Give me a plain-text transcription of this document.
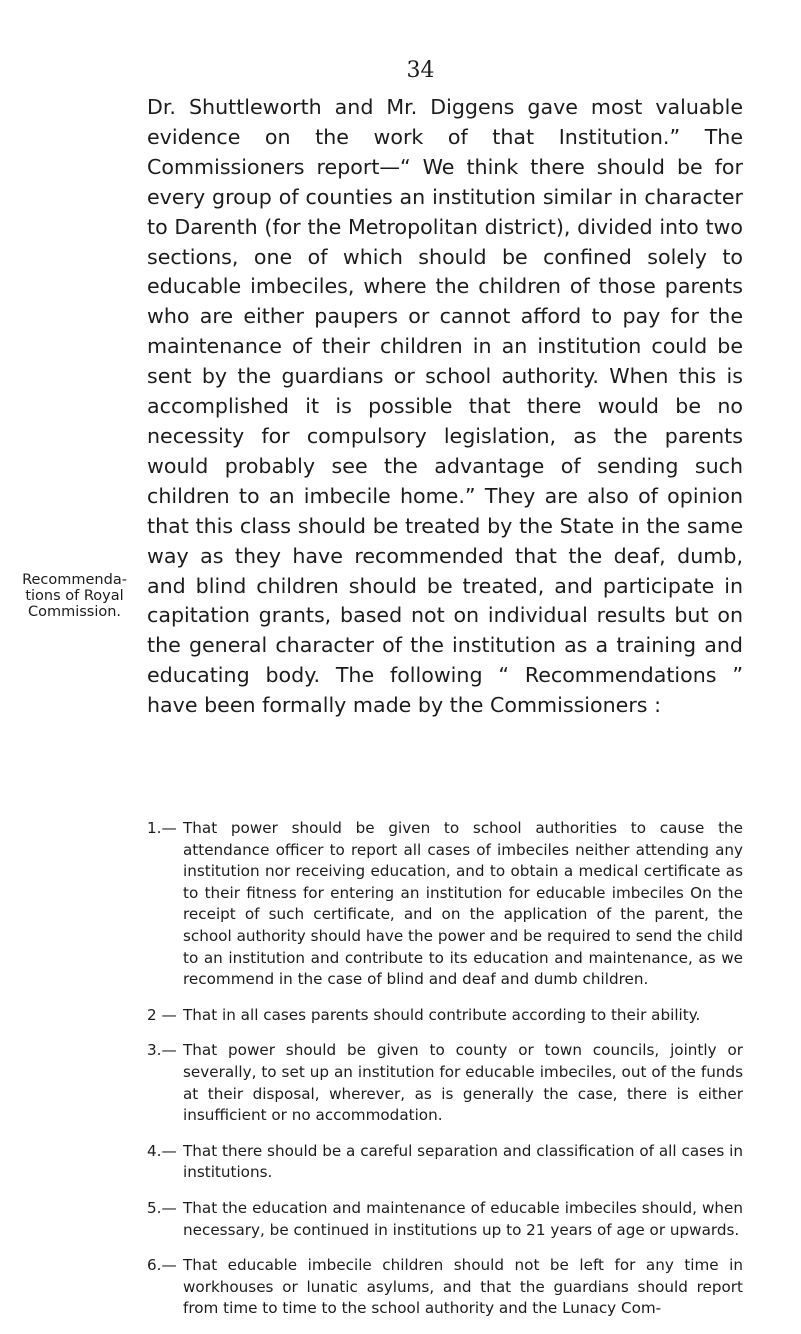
34

Dr. Shuttleworth and Mr. Diggens gave most valuable evidence on the work of that Institution.” The Commissioners report—“ We think there should be for every group of counties an institution similar in character to Darenth (for the Metropolitan district), divided into two sections, one of which should be confined solely to educable imbeciles, where the children of those parents who are either paupers or cannot afford to pay for the maintenance of their children in an institution could be sent by the guardians or school authority. When this is accomplished it is possible that there would be no necessity for compulsory legislation, as the parents would probably see the advantage of sending such children to an imbecile home.” They are also of opinion that this class should be treated by the State in the same way as they have recommended that the deaf, dumb, and blind children should be treated, and participate in capitation grants, based not on individual results but on the general character of the institution as a training and educating body. The following “ Recommendations ” have been formally made by the Commissioners :

Recommenda-
tions of Royal
Commission.
1.— That power should be given to school authorities to cause the attendance officer to report all cases of imbeciles neither attending any institution nor receiving education, and to obtain a medical certificate as to their fitness for entering an institution for educable imbeciles On the receipt of such certificate, and on the application of the parent, the school authority should have the power and be required to send the child to an institution and contribute to its education and maintenance, as we recommend in the case of blind and deaf and dumb children.
2 — That in all cases parents should contribute according to their ability.
3.— That power should be given to county or town councils, jointly or severally, to set up an institution for educable imbeciles, out of the funds at their disposal, wherever, as is generally the case, there is either insufficient or no accommodation.
4.— That there should be a careful separation and classification of all cases in institutions.
5.— That the education and maintenance of educable imbeciles should, when necessary, be continued in institutions up to 21 years of age or upwards.
6.— That educable imbecile children should not be left for any time in workhouses or lunatic asylums, and that the guardians should report from time to time to the school authority and the Lunacy Com-
